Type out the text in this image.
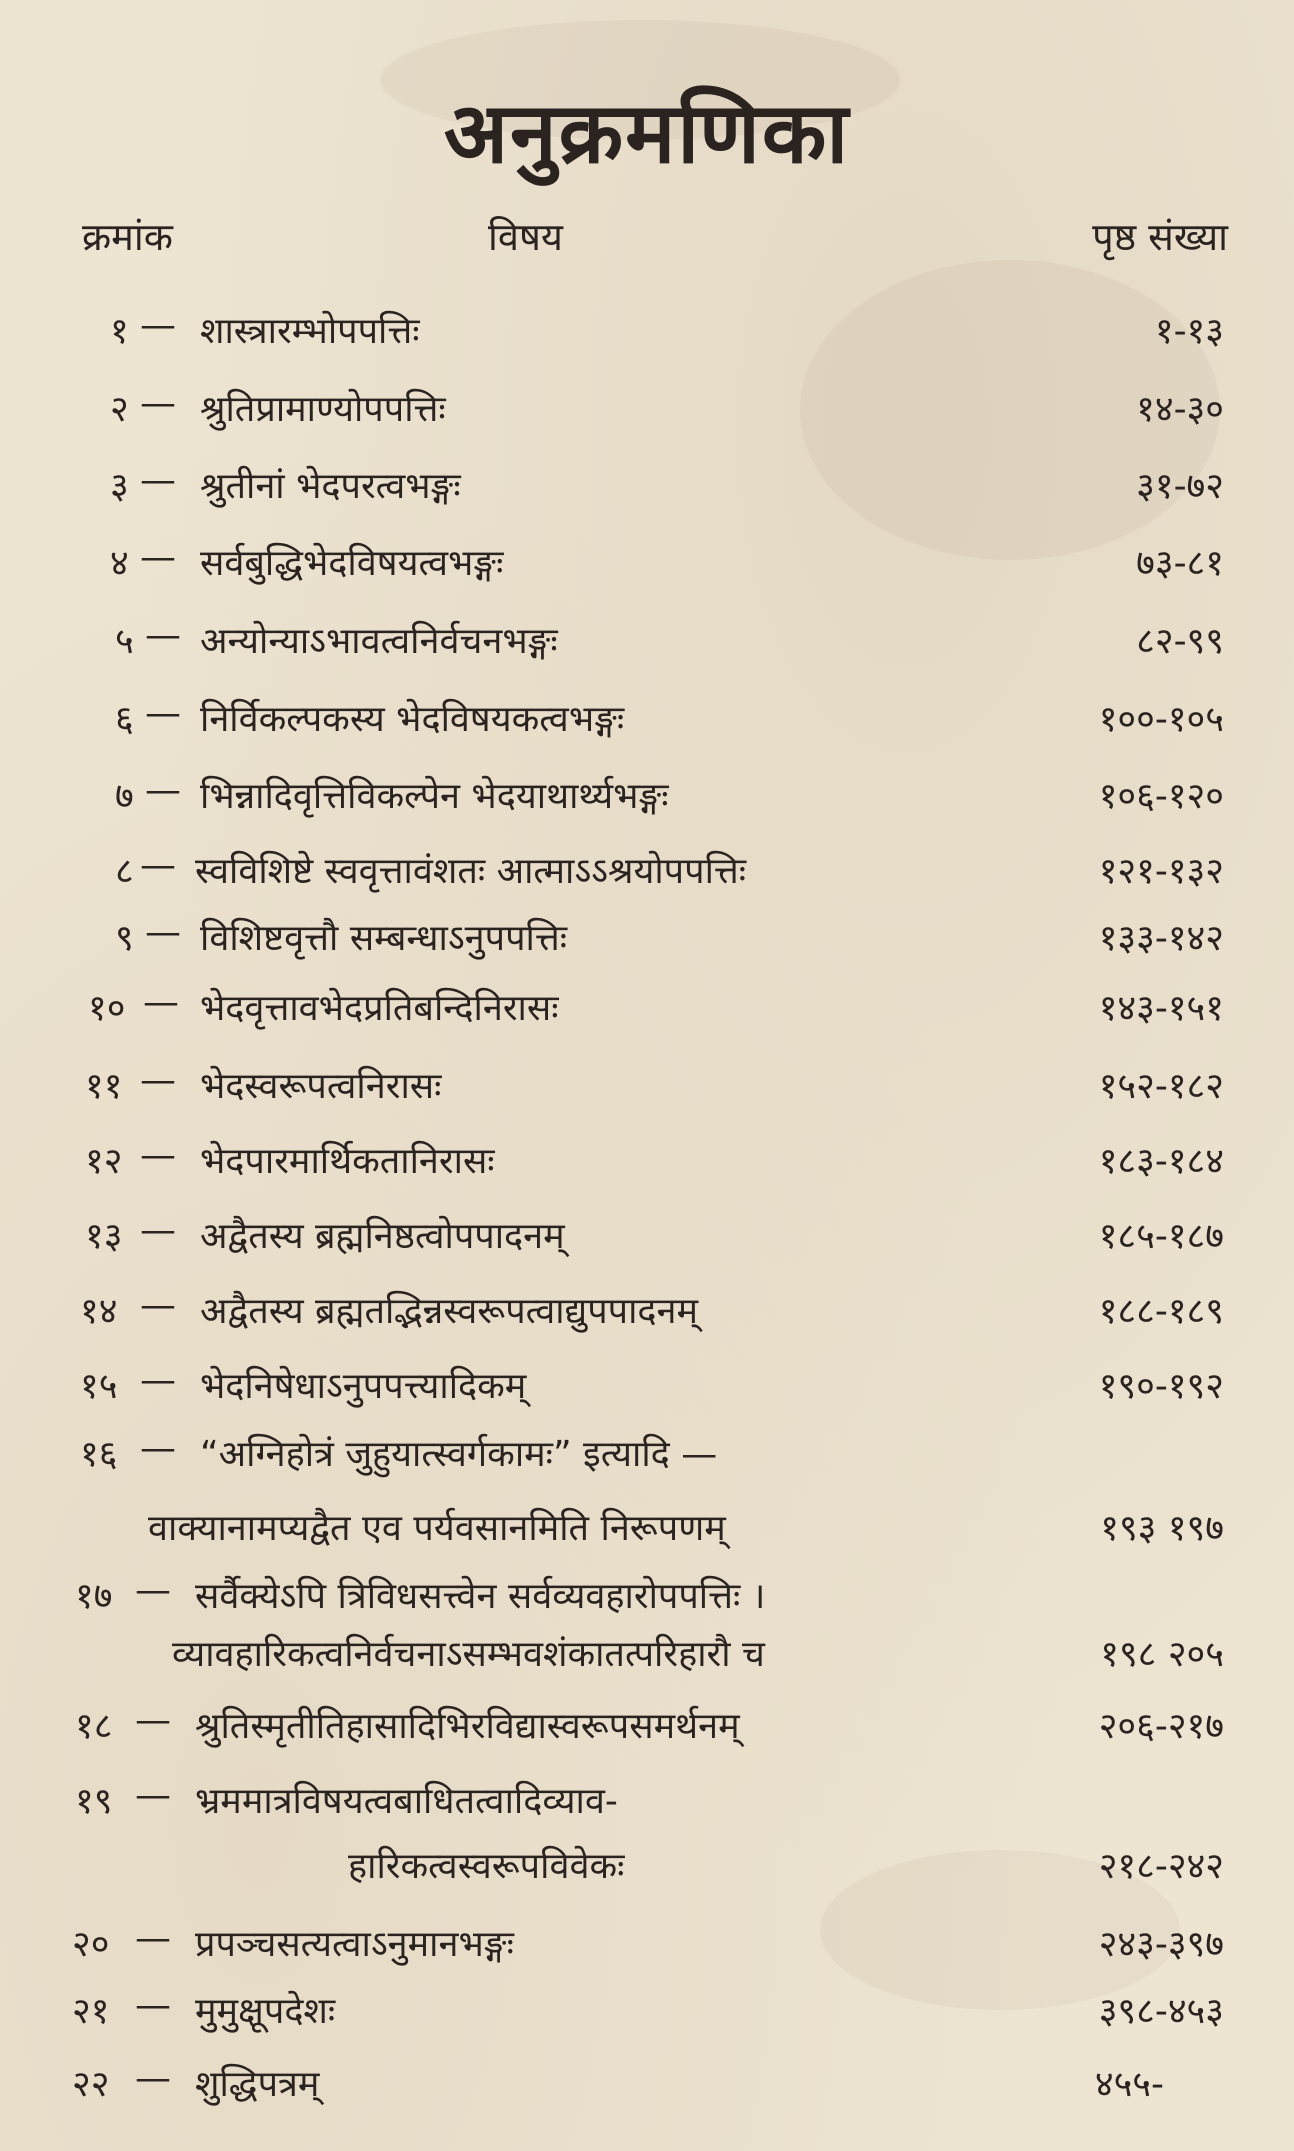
अनुक्रमणिका
क्रमांक	विषय	पृष्ठ संख्या
१ — शास्त्रारम्भोपपत्तिः	१-१३
२ — श्रुतिप्रामाण्योपपत्तिः	१४-३०
३ — श्रुतीनां भेदपरत्वभङ्गः	३१-७२
४ — सर्वबुद्धिभेदविषयत्वभङ्गः	७३-८१
५ — अन्योन्याऽभावत्वनिर्वचनभङ्गः	८२-९९
६ — निर्विकल्पकस्य भेदविषयकत्वभङ्गः	१००-१०५
७ — भिन्नादिवृत्तिविकल्पेन भेदयाथार्थ्यभङ्गः	१०६-१२०
८ — स्वविशिष्टे स्ववृत्तावंशतः आत्माऽऽश्रयोपपत्तिः	१२१-१३२
९ — विशिष्टवृत्तौ सम्बन्धाऽनुपपत्तिः	१३३-१४२
१० — भेदवृत्तावभेदप्रतिबन्दिनिरासः	१४३-१५१
११ — भेदस्वरूपत्वनिरासः	१५२-१८२
१२ — भेदपारमार्थिकतानिरासः	१८३-१८४
१३ — अद्वैतस्य ब्रह्मनिष्ठत्वोपपादनम्	१८५-१८७
१४ — अद्वैतस्य ब्रह्मतद्भिन्नस्वरूपत्वाद्युपपादनम्	१८८-१८९
१५ — भेदनिषेधाऽनुपपत्त्यादिकम्	१९०-१९२
१६ — “अग्निहोत्रं जुहुयात्स्वर्गकामः” इत्यादि —
वाक्यानामप्यद्वैत एव पर्यवसानमिति निरूपणम्	१९३ १९७
१७ — सर्वैक्येऽपि त्रिविधसत्त्वेन सर्वव्यवहारोपपत्तिः ।
व्यावहारिकत्वनिर्वचनाऽसम्भवशंकातत्परिहारौ च	१९८ २०५
१८ — श्रुतिस्मृतीतिहासादिभिरविद्यास्वरूपसमर्थनम्	२०६-२१७
१९ — भ्रममात्रविषयत्वबाधितत्वादिव्याव-
हारिकत्वस्वरूपविवेकः	२१८-२४२
२० — प्रपञ्चसत्यत्वाऽनुमानभङ्गः	२४३-३९७
२१ — मुमुक्षूपदेशः	३९८-४५३
२२ — शुद्धिपत्रम्	४५५-
